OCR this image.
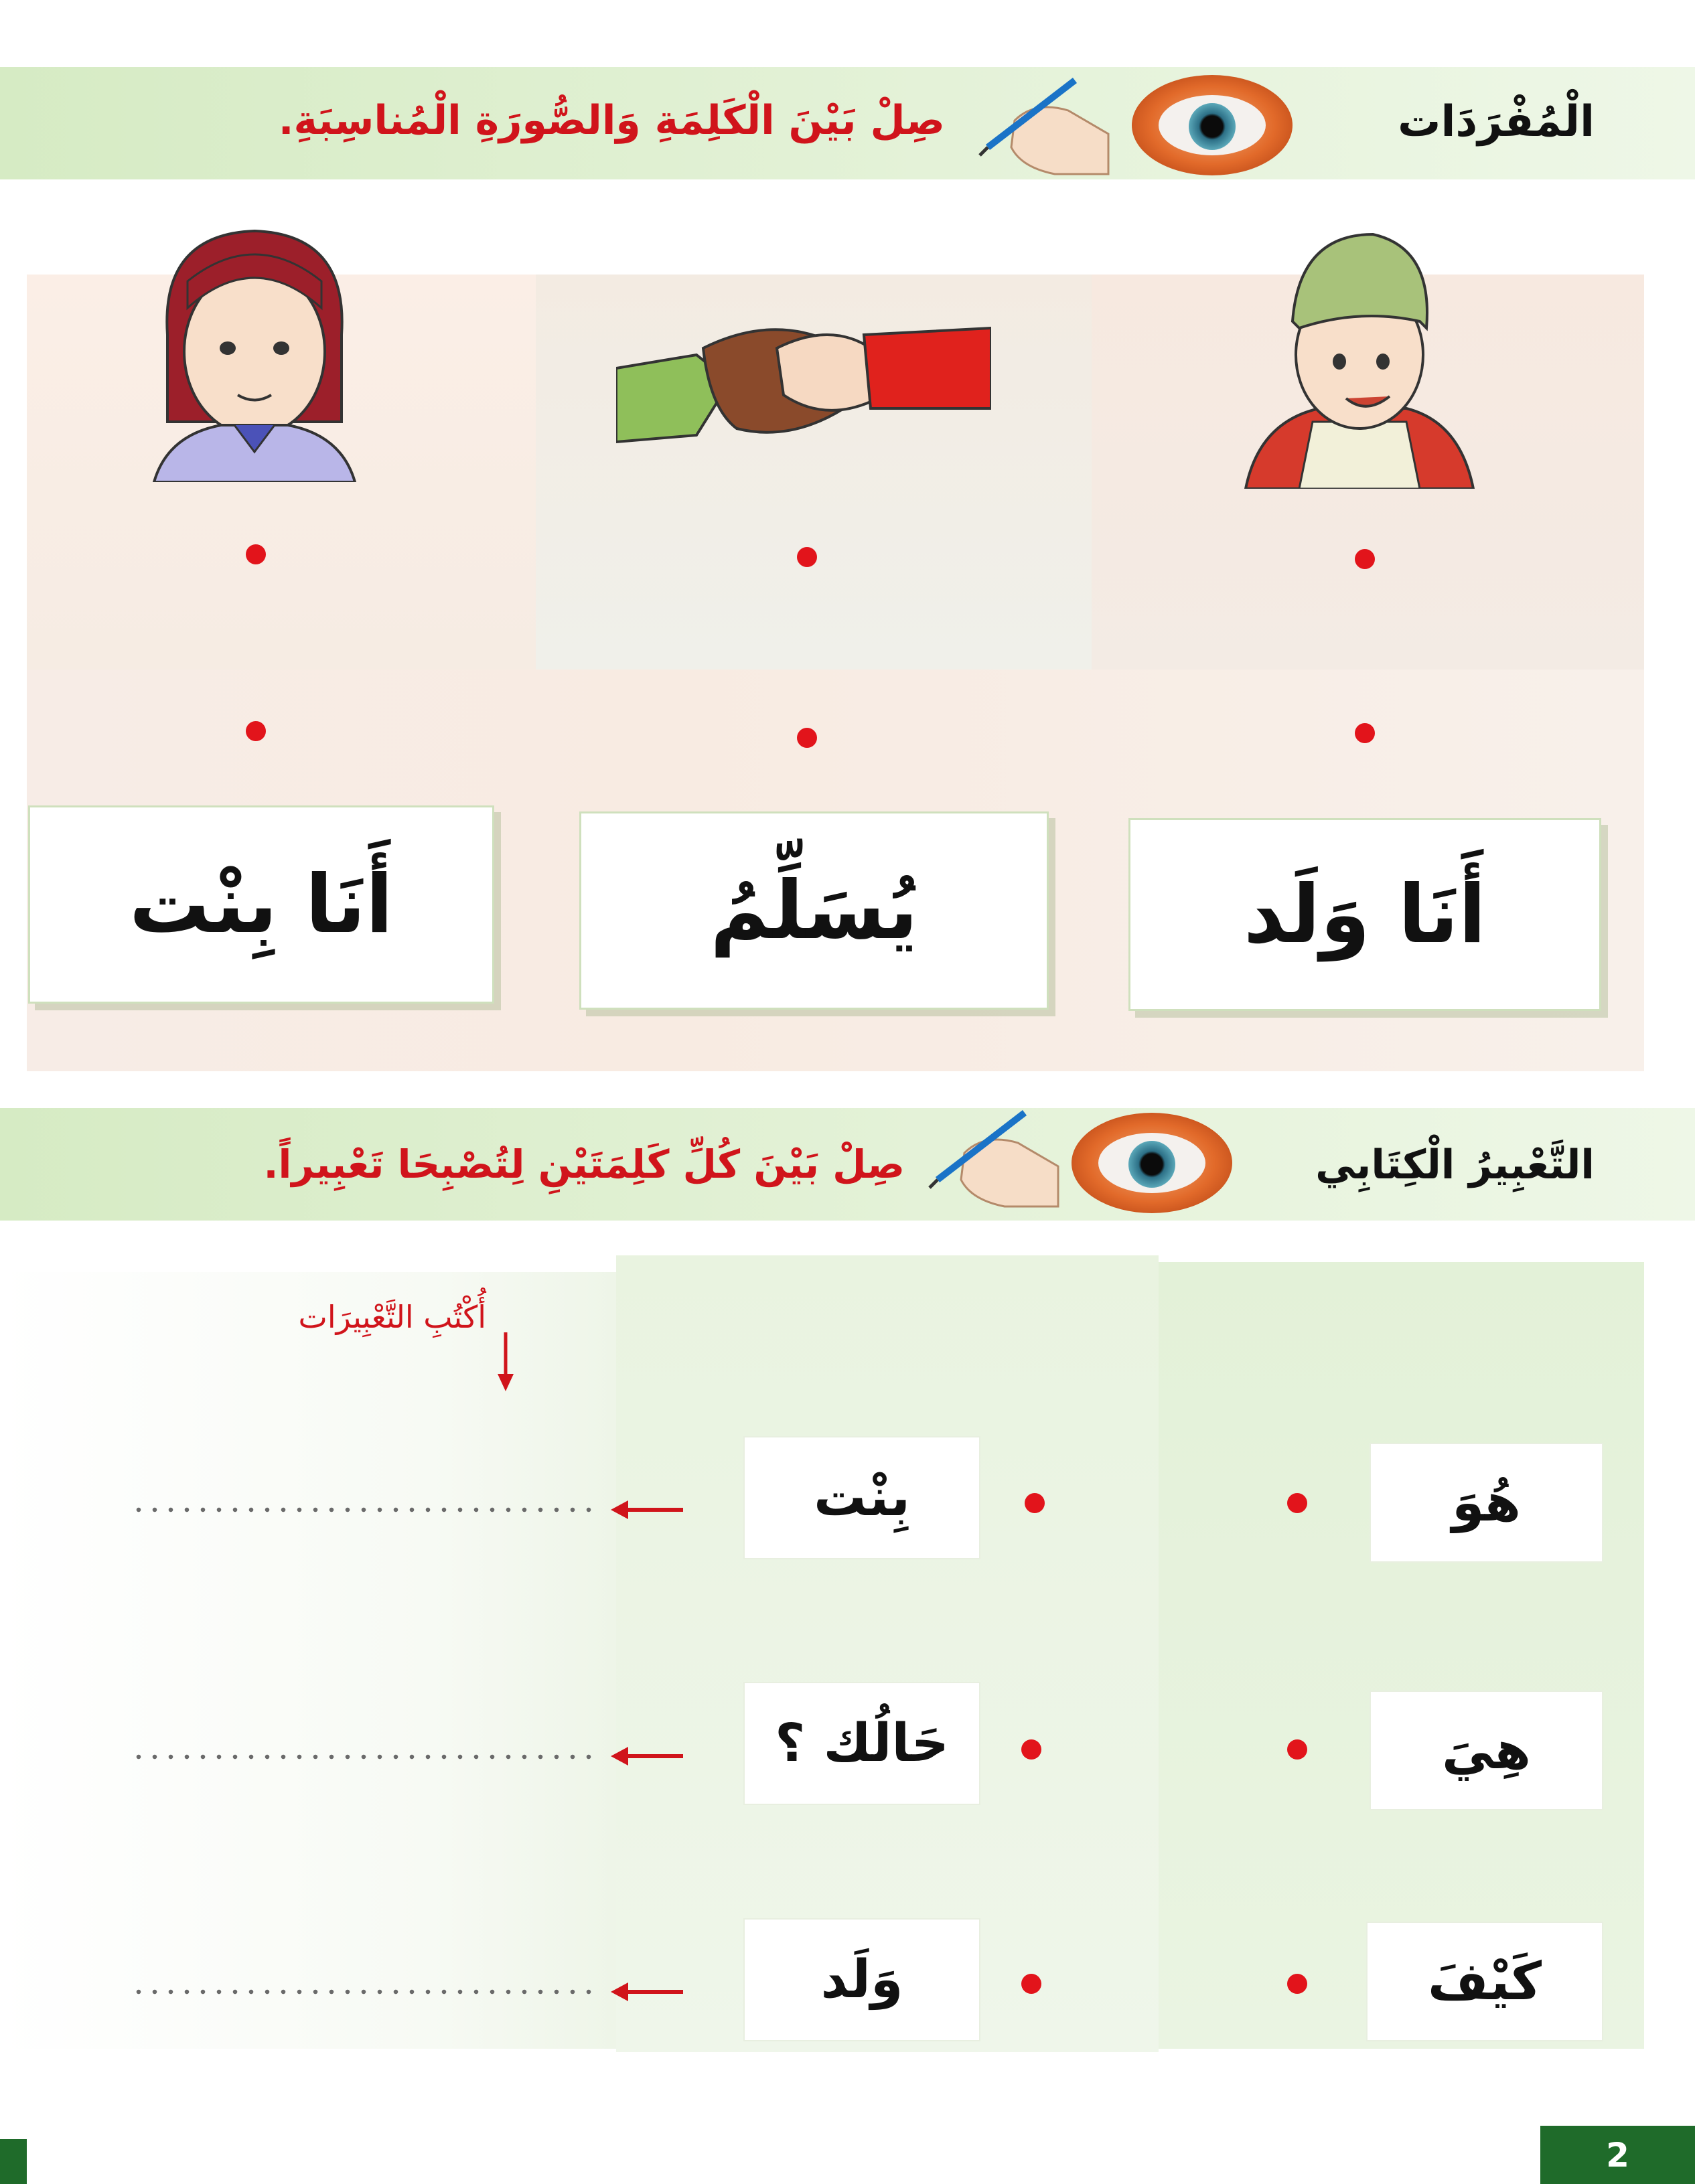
الْمُفْرَدَات
صِلْ بَيْنَ الْكَلِمَةِ وَالصُّورَةِ الْمُناسِبَةِ.
أَنَا بِنْت	يُسَلِّمُ	أَنَا وَلَد
التَّعْبِيرُ الْكِتَابِي
صِلْ بَيْنَ كُلِّ كَلِمَتَيْنِ لِتُصْبِحَا تَعْبِيراً.
أُكْتُبِ التَّعْبِيرَات
هُوَ
هِيَ
كَيْفَ
بِنْت
حَالُك ؟
وَلَد
2
